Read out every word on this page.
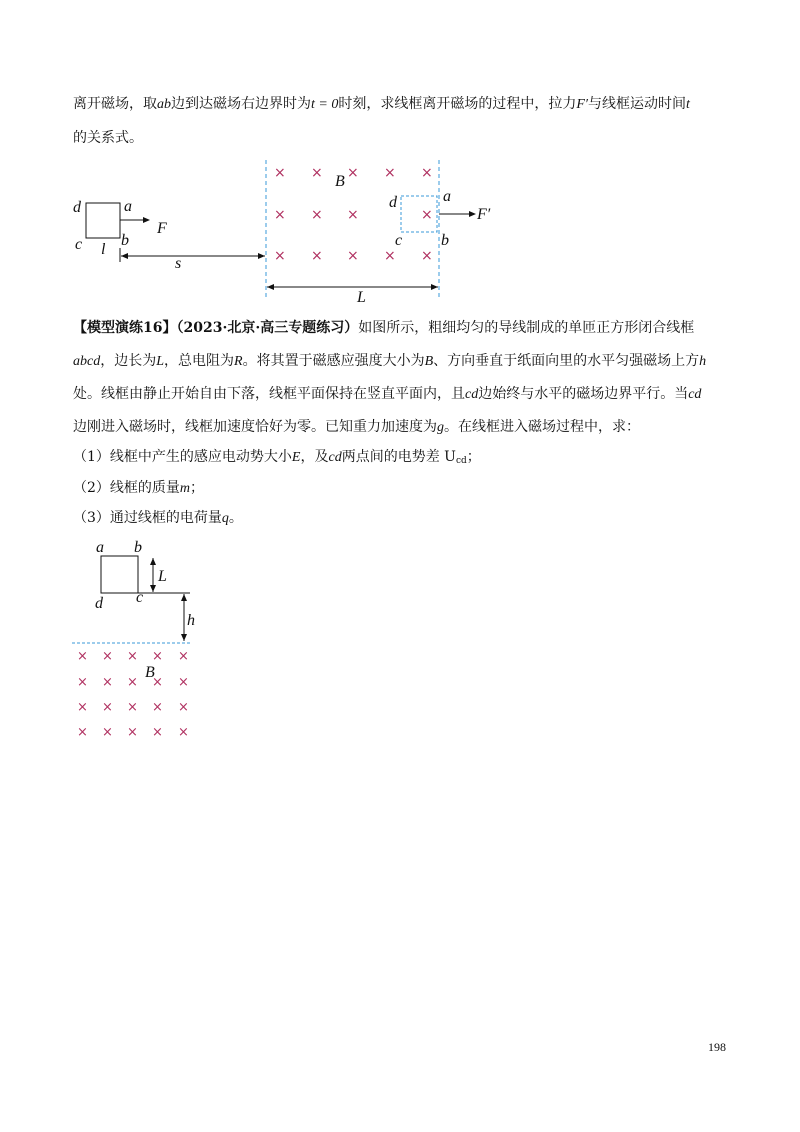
离开磁场，取ab边到达磁场右边界时为t = 0时刻，求线框离开磁场的过程中，拉力F′与线框运动时间t
的关系式。
d	a
c b
l
F
s
× × × × ×
B
× × ×	×
× × × × ×
d	a
c b
F′
L
【模型演练16】（2023·北京·高三专题练习）如图所示，粗细均匀的导线制成的单匝正方形闭合线框
abcd，边长为L，总电阻为R。将其置于磁感应强度大小为B、方向垂直于纸面向里的水平匀强磁场上方h
处。线框由静止开始自由下落，线框平面保持在竖直平面内，且cd边始终与水平的磁场边界平行。当cd
边刚进入磁场时，线框加速度恰好为零。已知重力加速度为g。在线框进入磁场过程中，求：
（1）线框中产生的感应电动势大小E，及cd两点间的电势差 $U_{cd}$；
（2）线框的质量m；
（3）通过线框的电荷量q。
a b
d c
L
h
× × × × ×
× × × × ×
× × × × ×
× × × × ×
B
198
